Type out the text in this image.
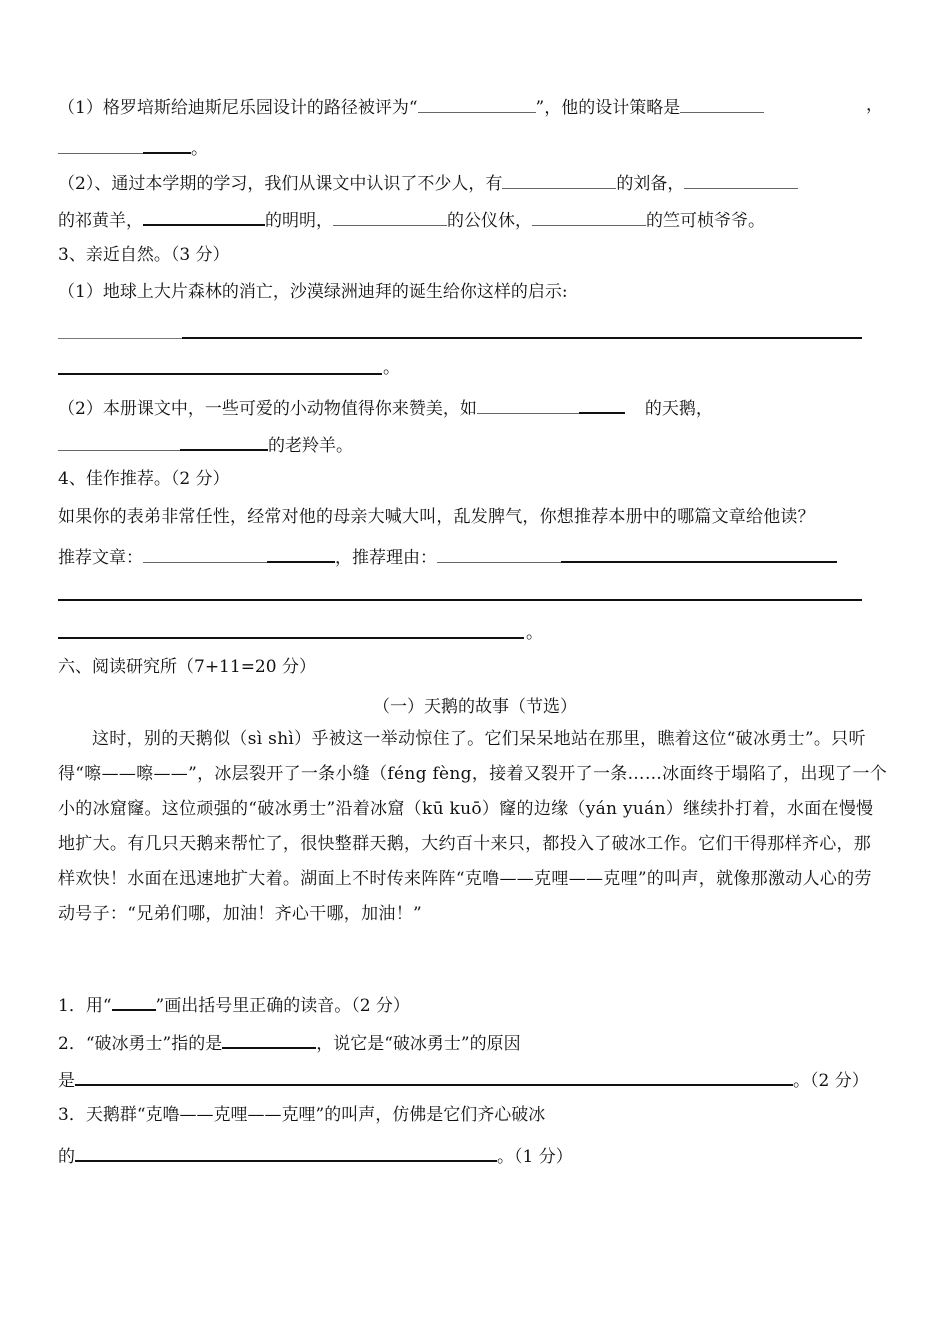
（1）格罗培斯给迪斯尼乐园设计的路径被评为“	”，他的设计策略是	，
。
（2）、通过本学期的学习，我们从课文中认识了不少人，有	的刘备，
的祁黄羊，	的明明，	的公仪休，	的竺可桢爷爷。
3、亲近自然。（3 分）
（1）地球上大片森林的消亡，沙漠绿洲迪拜的诞生给你这样的启示:
。
（2）本册课文中，一些可爱的小动物值得你来赞美，如	的天鹅，
的老羚羊。
4、佳作推荐。（2 分）
如果你的表弟非常任性，经常对他的母亲大喊大叫，乱发脾气，你想推荐本册中的哪篇文章给他读？
推荐文章：	，推荐理由：
。
六、阅读研究所（7+11=20 分）
（一）天鹅的故事（节选）
这时，别的天鹅似（sì shì）乎被这一举动惊住了。它们呆呆地站在那里，瞧着这位“破冰勇士”。只听得“嚓——嚓——”，冰层裂开了一条小缝（féng fèng，接着又裂开了一条……冰面终于塌陷了，出现了一个小的冰窟窿。这位顽强的“破冰勇士”沿着冰窟（kū kuō）窿的边缘（yán yuán）继续扑打着，水面在慢慢地扩大。有几只天鹅来帮忙了，很快整群天鹅，大约百十来只，都投入了破冰工作。它们干得那样齐心，那样欢快！水面在迅速地扩大着。湖面上不时传来阵阵“克噜——克哩——克哩”的叫声，就像那激动人心的劳动号子：“兄弟们哪，加油！齐心干哪，加油！”
1．用“	”画出括号里正确的读音。（2 分）
2．“破冰勇士”指的是	，说它是“破冰勇士”的原因
是	。（2 分）
3．天鹅群“克噜——克哩——克哩”的叫声，仿佛是它们齐心破冰
的	。（1 分）
